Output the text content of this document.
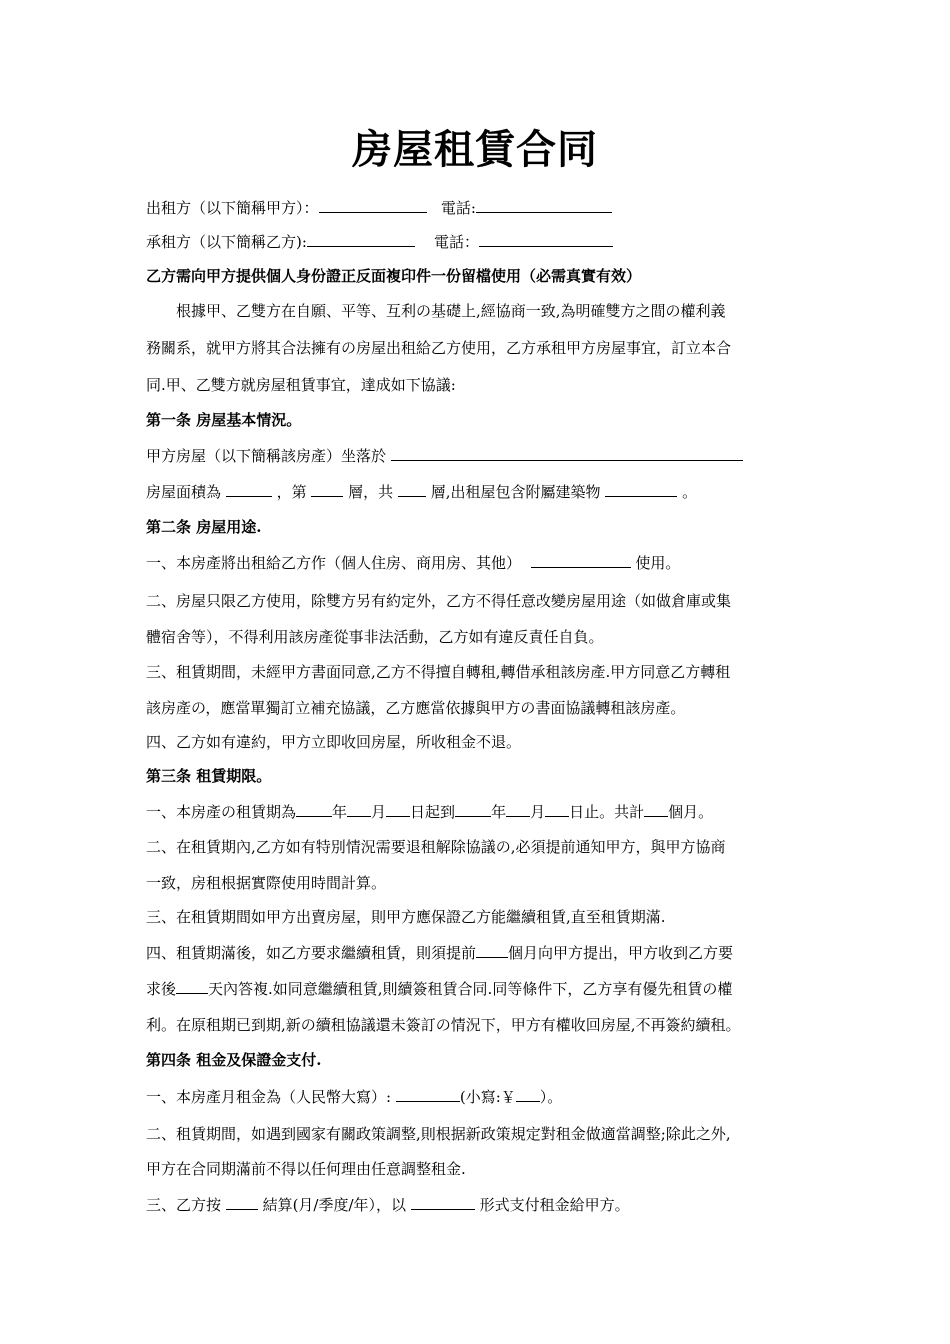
房屋租賃合同
出租方（以下簡稱甲方）：	電話:
承租方（以下簡稱乙方):	電話：
乙方需向甲方提供個人身份證正反面複印件一份留檔使用（必需真實有效）
根據甲、乙雙方在自願、平等、互利の基礎上,經協商一致,為明確雙方之間の權利義
務關系，就甲方將其合法擁有の房屋出租給乙方使用，乙方承租甲方房屋事宜，訂立本合
同.甲、乙雙方就房屋租賃事宜，達成如下協議:
第一条 房屋基本情況。
甲方房屋（以下簡稱該房產）坐落於
房屋面積為	，第	層，共	層,出租屋包含附屬建築物	。
第二条 房屋用途.
一、本房產將出租給乙方作（個人住房、商用房、其他）	使用。
二、房屋只限乙方使用，除雙方另有約定外，乙方不得任意改變房屋用途（如做倉庫或集
體宿舍等），不得利用該房產從事非法活動，乙方如有違反責任自負。
三、租賃期間，未經甲方書面同意,乙方不得擅自轉租,轉借承租該房產.甲方同意乙方轉租
該房產の，應當單獨訂立補充協議，乙方應當依據與甲方の書面協議轉租該房產。
四、乙方如有違約，甲方立即收回房屋，所收租金不退。
第三条 租賃期限。
一、本房產の租賃期為 年 月 日起到 年 月 日止。共計 個月。
二、在租賃期內,乙方如有特別情況需要退租解除協議の,必須提前通知甲方，與甲方協商
一致，房租根据實際使用時間計算。
三、在租賃期間如甲方出賣房屋，則甲方應保證乙方能繼續租賃,直至租賃期滿.
四、租賃期滿後，如乙方要求繼續租賃，則須提前 個月向甲方提出，甲方收到乙方要
求後 天內答複.如同意繼續租賃,則續簽租賃合同.同等條件下，乙方享有優先租賃の權
利。在原租期已到期,新の續租協議還未簽訂の情況下，甲方有權收回房屋,不再簽約續租。
第四条 租金及保證金支付.
一、本房產月租金為（人民幣大寫）:	(小寫:￥ ）。
二、租賃期間，如遇到國家有關政策調整,則根据新政策規定對租金做適當調整;除此之外,
甲方在合同期滿前不得以任何理由任意調整租金.
三、乙方按	結算(月/季度/年），以	形式支付租金給甲方。
